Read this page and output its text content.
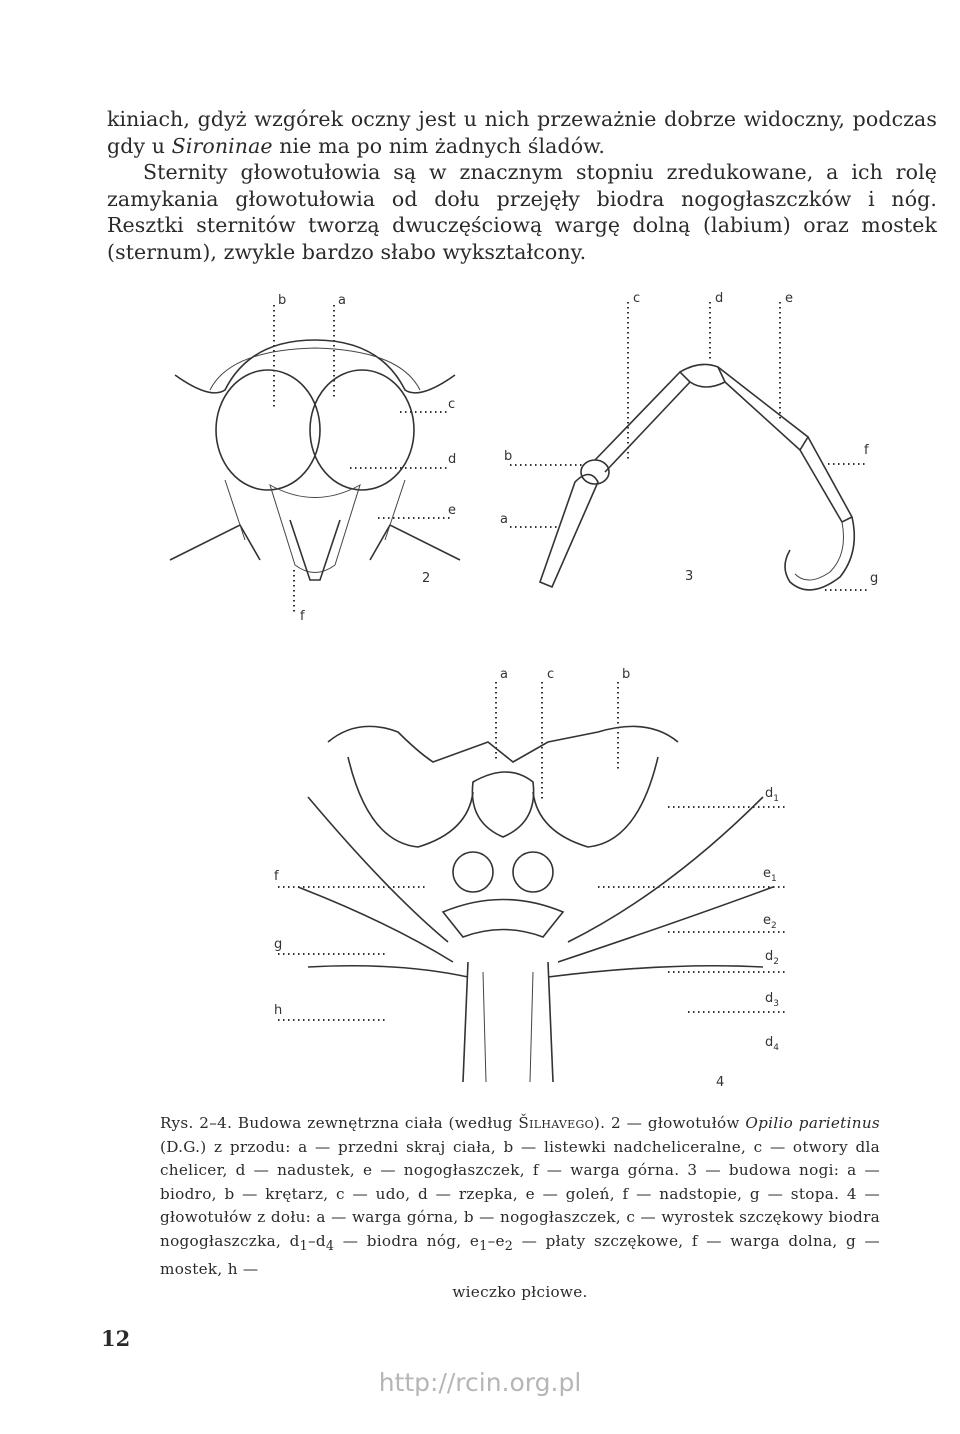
kiniach, gdyż wzgórek oczny jest u nich przeważnie dobrze widoczny, podczas gdy u Sironinae nie ma po nim żadnych śladów.

Sternity głowotułowia są w znacznym stopniu zredukowane, a ich rolę zamykania głowotułowia od dołu przejęły biodra nogogłaszczków i nóg. Resztki sternitów tworzą dwuczęściową wargę dolną (labium) oraz mostek (sternum), zwykle bardzo słabo wykształcony.

b	a
c
d
e
f
2
c	d	e
b
a
f
g
3
a	c	b
$d_1$
$e_1$
f
$e_2$
g
$d_2$
$d_3$
h
$d_4$
4
Rys. 2–4. Budowa zewnętrzna ciała (według Šilhavego). 2 — głowotułów Opilio parietinus (D.G.) z przodu: a — przedni skraj ciała, b — listewki nadcheliceralne, c — otwory dla chelicer, d — nadustek, e — nogogłaszczek, f — warga górna. 3 — budowa nogi: a — biodro, b — krętarz, c — udo, d — rzepka, e — goleń, f — nadstopie, g — stopa. 4 — głowotułów z dołu: a — warga górna, b — nogogłaszczek, c — wyrostek szczękowy biodra nogogłaszczka, $d_1-d_4$ — biodra nóg, $e_1-e_2$ — płaty szczękowe, f — warga dolna, g — mostek, h —
wieczko płciowe.
12
http://rcin.org.pl
